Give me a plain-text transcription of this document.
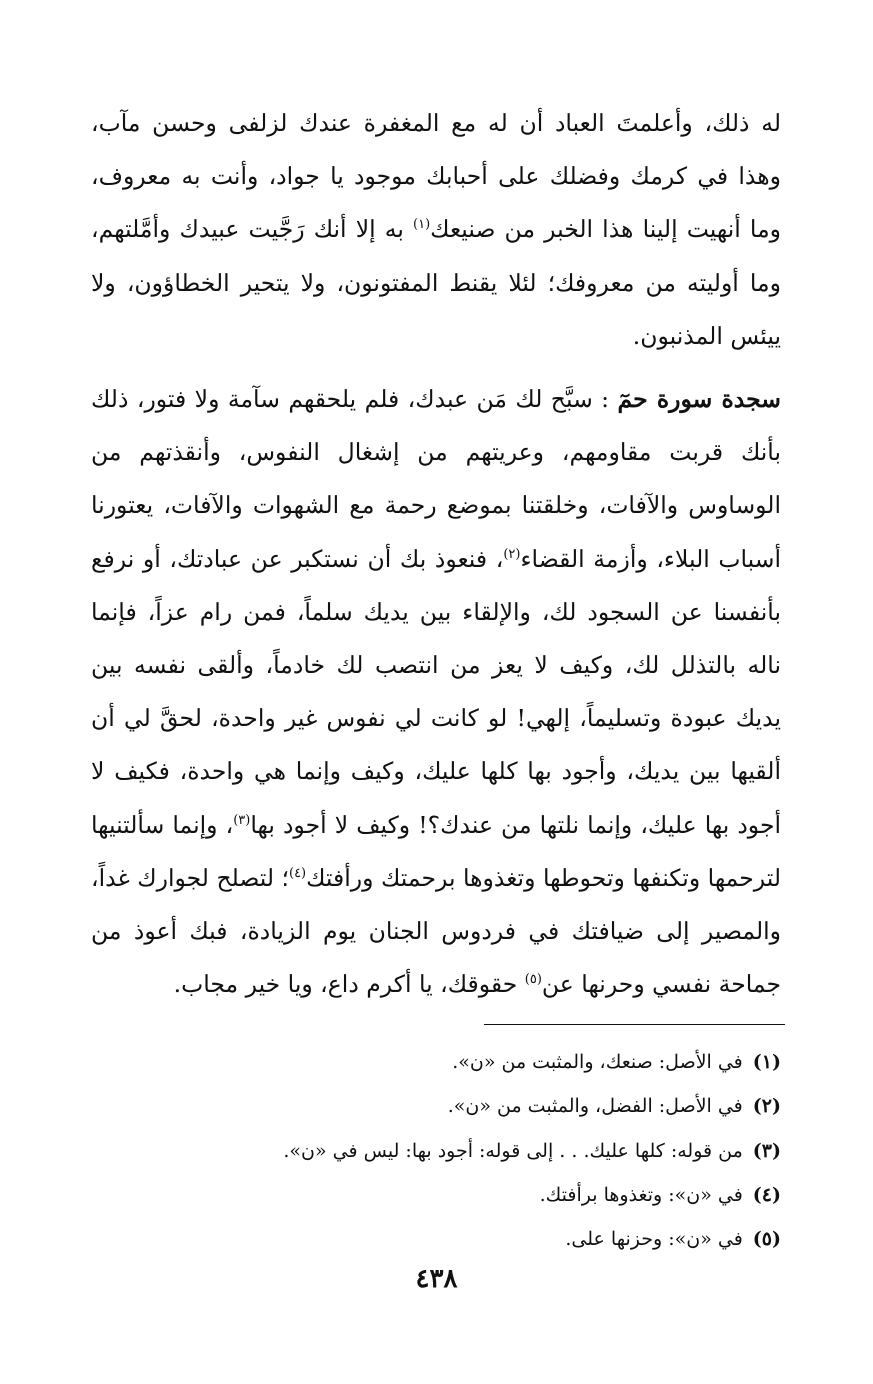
له ذلك، وأعلمتَ العباد أن له مع المغفرة عندك لزلفى وحسن مآب، وهذا في كرمك وفضلك على أحبابك موجود يا جواد، وأنت به معروف، وما أنهيت إلينا هذا الخبر من صنيعك$^{(١)}$ به إلا أنك رَجَّيت عبيدك وأمَّلتهم، وما أوليته من معروفك؛ لئلا يقنط المفتونون، ولا يتحير الخطاؤون، ولا ييئس المذنبون.

سجدة سورة حمٓ : سبَّح لك مَن عبدك، فلم يلحقهم سآمة ولا فتور، ذلك بأنك قربت مقاومهم، وعريتهم من إشغال النفوس، وأنقذتهم من الوساوس والآفات، وخلقتنا بموضع رحمة مع الشهوات والآفات، يعتورنا أسباب البلاء، وأزمة القضاء$^{(٢)}$، فنعوذ بك أن نستكبر عن عبادتك، أو نرفع بأنفسنا عن السجود لك، والإلقاء بين يديك سلماً، فمن رام عزاً، فإنما ناله بالتذلل لك، وكيف لا يعز من انتصب لك خادماً، وألقى نفسه بين يديك عبودة وتسليماً، إلهي! لو كانت لي نفوس غير واحدة، لحقَّ لي أن ألقيها بين يديك، وأجود بها كلها عليك، وكيف وإنما هي واحدة، فكيف لا أجود بها عليك، وإنما نلتها من عندك؟! وكيف لا أجود بها$^{(٣)}$، وإنما سألتنيها لترحمها وتكنفها وتحوطها وتغذوها برحمتك ورأفتك$^{(٤)}$؛ لتصلح لجوارك غداً، والمصير إلى ضيافتك في فردوس الجنان يوم الزيادة، فبك أعوذ من جماحة نفسي وحرنها عن$^{(٥)}$ حقوقك، يا أكرم داع، ويا خير مجاب.

(١)في الأصل: صنعك، والمثبت من «ن».
(٢)في الأصل: الفضل، والمثبت من «ن».
(٣)من قوله: كلها عليك. . . إلى قوله: أجود بها: ليس في «ن».
(٤)في «ن»: وتغذوها برأفتك.
(٥)في «ن»: وحزنها على.
٤٣٨
